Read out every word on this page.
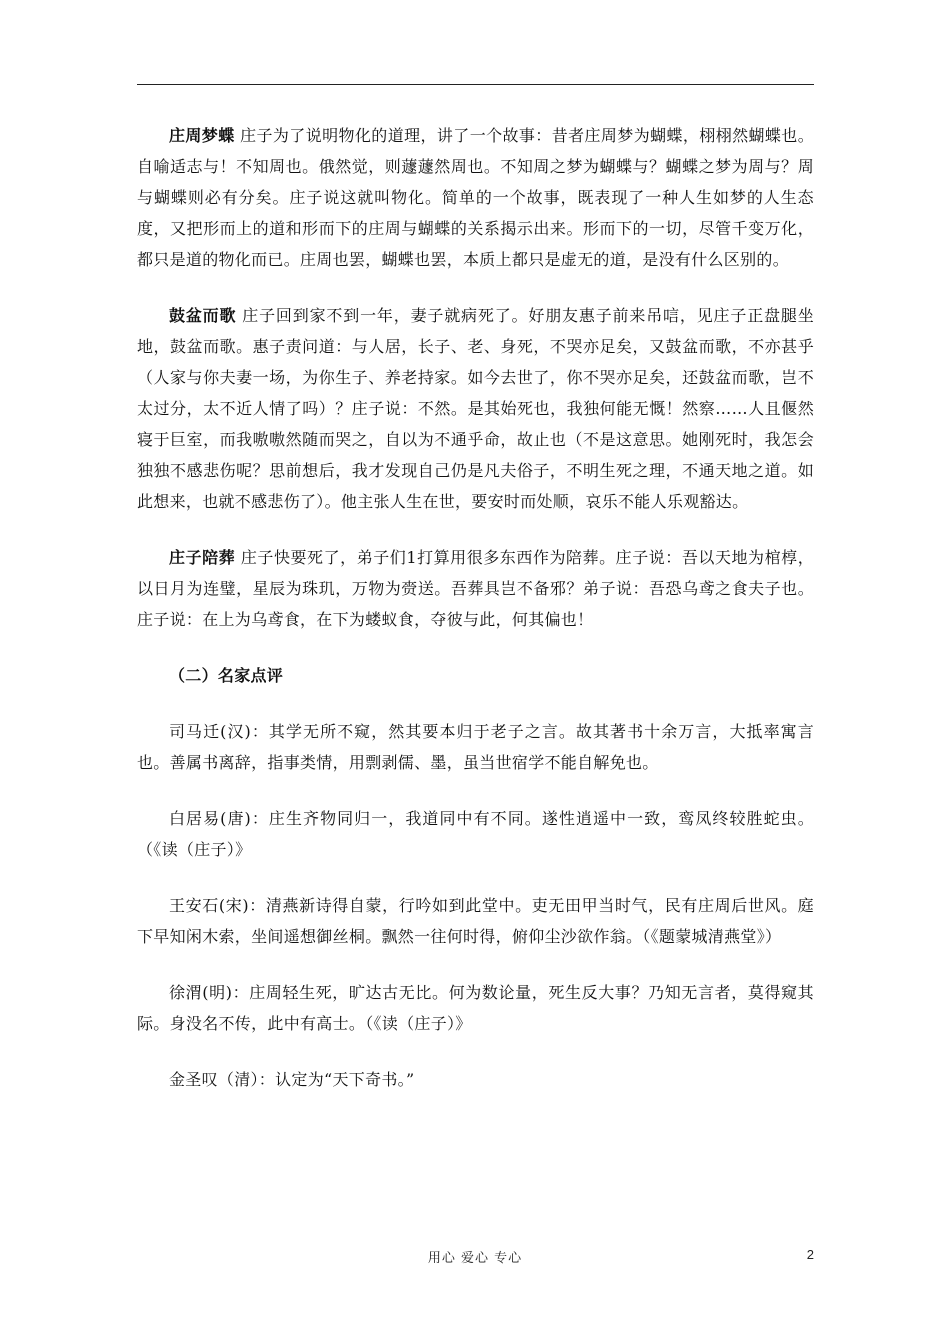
庄周梦蝶 庄子为了说明物化的道理，讲了一个故事：昔者庄周梦为蝴蝶，栩栩然蝴蝶也。自喻适志与！不知周也。俄然觉，则蘧蘧然周也。不知周之梦为蝴蝶与？蝴蝶之梦为周与？周与蝴蝶则必有分矣。庄子说这就叫物化。简单的一个故事，既表现了一种人生如梦的人生态度，又把形而上的道和形而下的庄周与蝴蝶的关系揭示出来。形而下的一切，尽管千变万化，都只是道的物化而已。庄周也罢，蝴蝶也罢，本质上都只是虚无的道，是没有什么区别的。

鼓盆而歌 庄子回到家不到一年，妻子就病死了。好朋友惠子前来吊唁，见庄子正盘腿坐地，鼓盆而歌。惠子责问道：与人居，长子、老、身死，不哭亦足矣，又鼓盆而歌，不亦甚乎（人家与你夫妻一场，为你生子、养老持家。如今去世了，你不哭亦足矣，还鼓盆而歌，岂不太过分，太不近人情了吗）？庄子说：不然。是其始死也，我独何能无慨！然察……人且偃然寝于巨室，而我嗷嗷然随而哭之，自以为不通乎命，故止也（不是这意思。她刚死时，我怎会独独不感悲伤呢？思前想后，我才发现自己仍是凡夫俗子，不明生死之理，不通天地之道。如此想来，也就不感悲伤了）。他主张人生在世，要安时而处顺，哀乐不能人乐观豁达。

庄子陪葬 庄子快要死了，弟子们1打算用很多东西作为陪葬。庄子说：吾以天地为棺椁，以日月为连璧，星辰为珠玑，万物为赍送。吾葬具岂不备邪？弟子说：吾恐乌鸢之食夫子也。庄子说：在上为乌鸢食，在下为蝼蚁食，夺彼与此，何其偏也！

（二）名家点评

司马迁(汉)：其学无所不窥，然其要本归于老子之言。故其著书十余万言，大抵率寓言也。善属书离辞，指事类情，用剽剥儒、墨，虽当世宿学不能自解免也。

白居易(唐)：庄生齐物同归一，我道同中有不同。遂性逍遥中一致，鸾凤终较胜蛇虫。（《读（庄子）》

王安石(宋)：清燕新诗得自蒙，行吟如到此堂中。吏无田甲当时气，民有庄周后世风。庭下早知闲木索，坐间遥想御丝桐。飘然一往何时得，俯仰尘沙欲作翁。（《题蒙城清燕堂》）

徐渭(明)：庄周轻生死，旷达古无比。何为数论量，死生反大事？乃知无言者，莫得窥其际。身没名不传，此中有高士。（《读（庄子）》

金圣叹（清）：认定为“天下奇书。”

用心 爱心 专心	2
